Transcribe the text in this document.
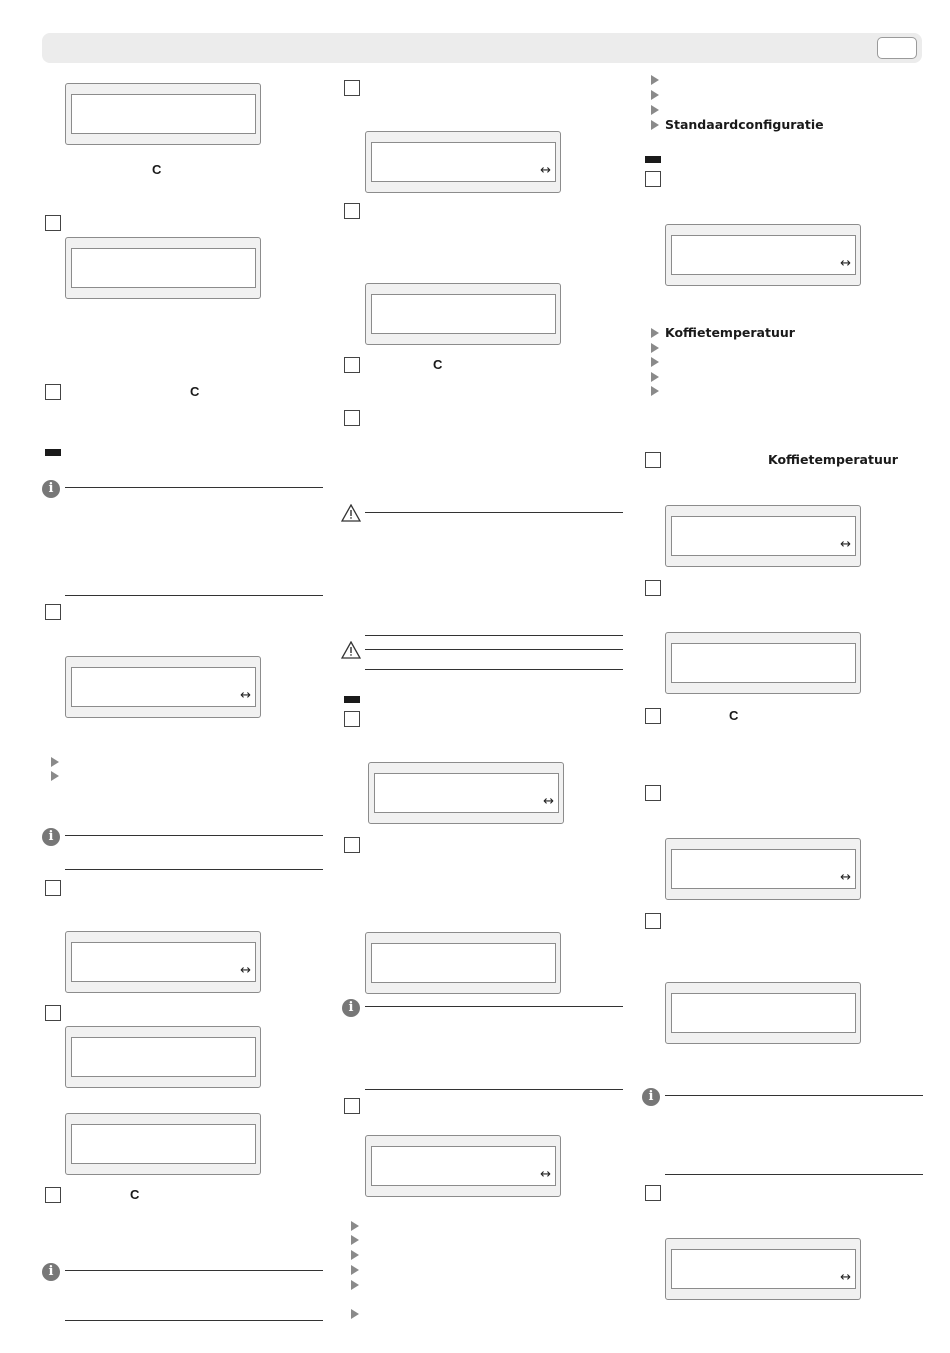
C
C
i
↔
i
↔
C
i
↔
C
↔
i
↔
Standaardconfiguratie
↔
Koffietemperatuur
Koffietemperatuur
↔
C
↔
i
↔
